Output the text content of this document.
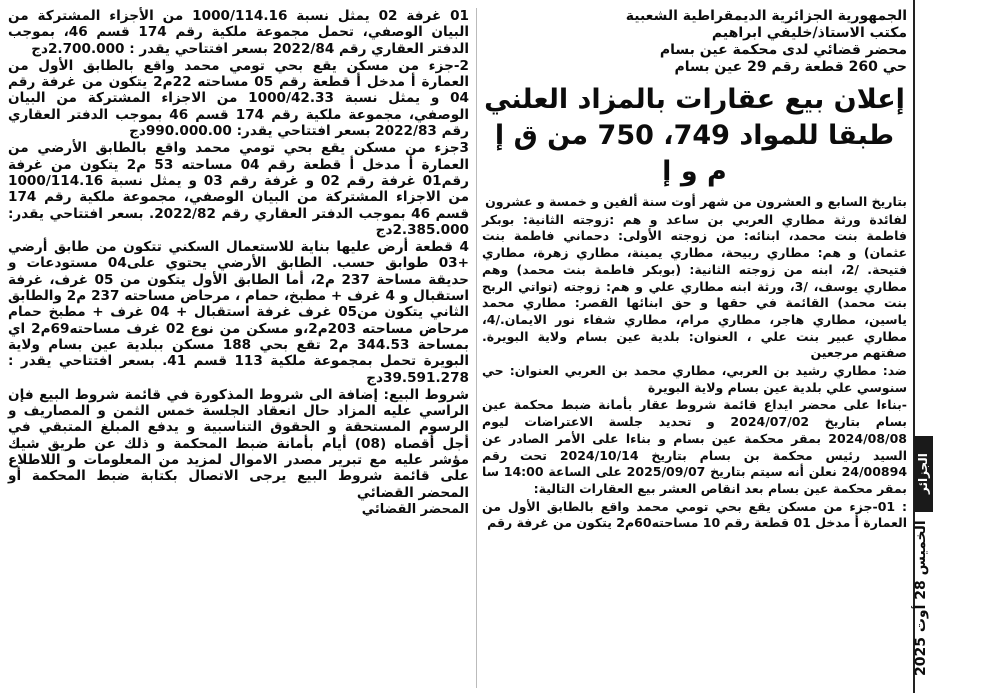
الجمهورية الجزائرية الديمقراطية الشعبية

مكتب الاستاذ/خليفي ابراهيم

محضر قضائي لدى محكمة عين بسام

حي 260 قطعة رقم 29 عين بسام

إعلان بيع عقارات بالمزاد العلني
طبقا للمواد 749، 750 من ق إ م و إ

بتاريخ السابع و العشرون من شهر أوت سنة ألفين و خمسة و عشرون

لفائدة ورثة مطاري العربي بن ساعد و هم :زوجته الثانية: بوبكر فاطمة بنت محمد، ابنائه: من زوجته الأولى: دحماني فاطمة بنت عثمان) و هم: مطاري ربيحة، مطاري يمينة، مطاري زهرة، مطاري فتيحة. /2، ابنه من زوجته الثانية: (بوبكر فاطمة بنت محمد) وهم مطاري يوسف، /3، ورثة ابنه مطاري علي و هم: زوجته (تواتي الربح بنت محمد) القائمة في حقها و حق ابنائها القصر: مطاري محمد ياسين، مطاري هاجر، مطاري مرام، مطاري شفاء نور الايمان./4، مطاري عبير بنت علي ، العنوان: بلدية عين بسام ولاية البويرة. صفتهم مرجعين

ضد: مطاري رشيد بن العربي، مطاري محمد بن العربي العنوان: حي سنوسي علي بلدية عين بسام ولاية البويرة

-بناءا على محضر ايداع قائمة شروط عقار بأمانة ضبط محكمة عين بسام بتاريخ 2024/07/02 و تحديد جلسة الاعتراضات ليوم 2024/08/08 بمقر محكمة عين بسام و بناءا على الأمر الصادر عن السيد رئيس محكمة بن بسام بتاريخ 2024/10/14 تحت رقم 24/00894 نعلن أنه سيتم بتاريخ 2025/09/07 على الساعة 14:00 سا بمقر محكمة عين بسام بعد انقاص العشر بيع العقارات التالية:

: 01-جزء من مسكن يقع بحي تومي محمد واقع بالطابق الأول من العمارة أ مدخل 01 قطعة رقم 10 مساحته60م2 يتكون من غرفة رقم

01 غرفة 02 يمثل نسبة 1000/114.16 من الأجزاء المشتركة من البيان الوصفي، تحمل مجموعة ملكية رقم 174 قسم 46، بموجب الدفتر العقاري رقم 2022/84 بسعر افتتاحي يقدر : 2.700.000دج

2-جزء من مسكن يقع بحي تومي محمد واقع بالطابق الأول من العمارة أ مدخل أ قطعة رقم 05 مساحته 22م2 يتكون من غرفة رقم 04 و يمثل نسبة 1000/42.33 من الاجزاء المشتركة من البيان الوصفي، مجموعة ملكية رقم 174 قسم 46 بموجب الدفتر العقاري رقم 2022/83 بسعر افتتاحي يقدر: 990.000.00دج

3جزء من مسكن يقع بحي تومي محمد واقع بالطابق الأرضي من العمارة أ مدخل أ قطعة رقم 04 مساحته 53 م2 يتكون من غرفة رقم01 غرفة رقم 02 و غرفة رقم 03 و يمثل نسبة 1000/114.16 من الاجزاء المشتركة من البيان الوصفي، مجموعة ملكية رقم 174 قسم 46 بموجب الدفتر العقاري رقم 2022/82. بسعر افتتاحي يقدر: 2.385.000دج

4 قطعة أرض عليها بناية للاستعمال السكني تتكون من طابق أرضي +03 طوابق حسب. الطابق الأرضي يحتوي على04 مستودعات و حديقة مساحة 237 م2، أما الطابق الأول يتكون من 05 غرف، غرفة استقبال و 4 غرف + مطبخ، حمام ، مرحاض مساحته 237 م2 والطابق الثاني يتكون من05 غرف غرفة استقبال + 04 غرف + مطبخ حمام مرحاض مساحته 203م2،و مسكن من نوع 02 غرف مساحته69م2 اي بمساحة 344.53 م2 تقع بحي 188 مسكن ببلدية عين بسام ولاية البويرة تحمل بمجموعة ملكية 113 قسم 41. بسعر افتتاحي يقدر : 39.591.278دج

شروط البيع: إضافة الى شروط المذكورة في قائمة شروط البيع فإن الراسي عليه المزاد حال انعقاد الجلسة خمس الثمن و المصاريف و الرسوم المستحقة و الحقوق التناسبية و يدفع المبلغ المتبقي في أجل أقصاه (08) أيام بأمانة ضبط المحكمة و ذلك عن طريق شيك مؤشر عليه مع تبرير مصدر الاموال لمزيد من المعلومات و اللاطلاع على قائمة شروط البيع يرجى الاتصال بكتابة ضبط المحكمة أو المحضر القضائي

المحضر القضائي
الخميس 28 أوت 2025
الجزائر
